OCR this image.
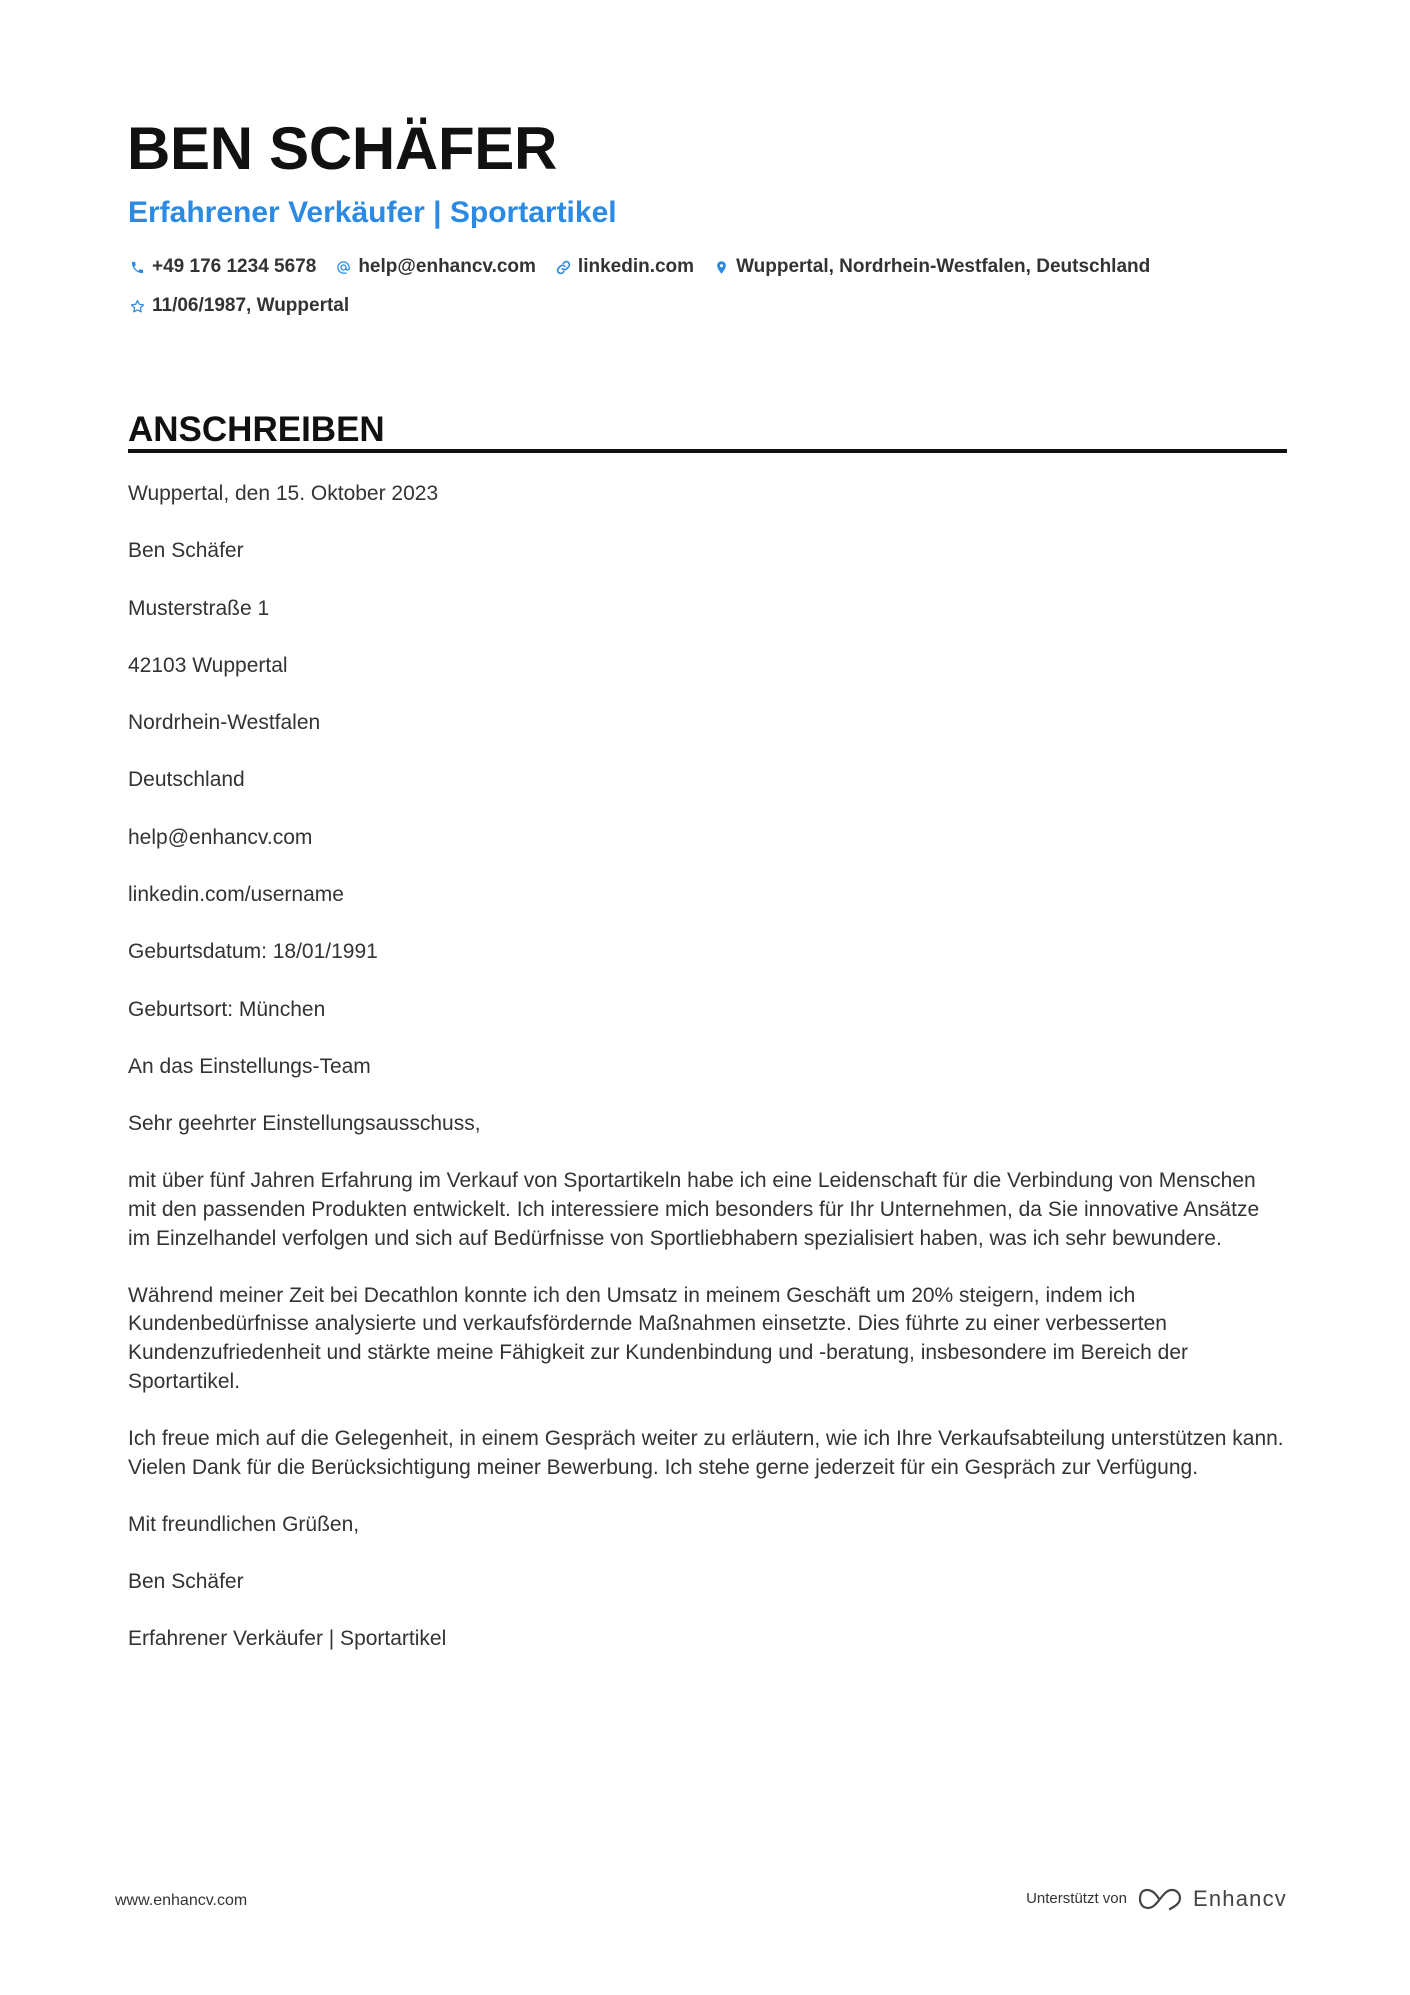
BEN SCHÄFER
Erfahrener Verkäufer | Sportartikel
+49 176 1234 5678 help@enhancv.com linkedin.com Wuppertal, Nordrhein-Westfalen, Deutschland
11/06/1987, Wuppertal
ANSCHREIBEN

Wuppertal, den 15. Oktober 2023

Ben Schäfer

Musterstraße 1

42103 Wuppertal

Nordrhein-Westfalen

Deutschland

help@enhancv.com

linkedin.com/username

Geburtsdatum: 18/01/1991

Geburtsort: München

An das Einstellungs-Team

Sehr geehrter Einstellungsausschuss,

mit über fünf Jahren Erfahrung im Verkauf von Sportartikeln habe ich eine Leidenschaft für die Verbindung von Menschen mit den passenden Produkten entwickelt. Ich interessiere mich besonders für Ihr Unternehmen, da Sie innovative Ansätze im Einzelhandel verfolgen und sich auf Bedürfnisse von Sportliebhabern spezialisiert haben, was ich sehr bewundere.

Während meiner Zeit bei Decathlon konnte ich den Umsatz in meinem Geschäft um 20% steigern, indem ich Kundenbedürfnisse analysierte und verkaufsfördernde Maßnahmen einsetzte. Dies führte zu einer verbesserten Kundenzufriedenheit und stärkte meine Fähigkeit zur Kundenbindung und -beratung, insbesondere im Bereich der Sportartikel.

Ich freue mich auf die Gelegenheit, in einem Gespräch weiter zu erläutern, wie ich Ihre Verkaufsabteilung unterstützen kann. Vielen Dank für die Berücksichtigung meiner Bewerbung. Ich stehe gerne jederzeit für ein Gespräch zur Verfügung.

Mit freundlichen Grüßen,

Ben Schäfer

Erfahrener Verkäufer | Sportartikel

www.enhancv.com	Unterstützt von	Enhancv
